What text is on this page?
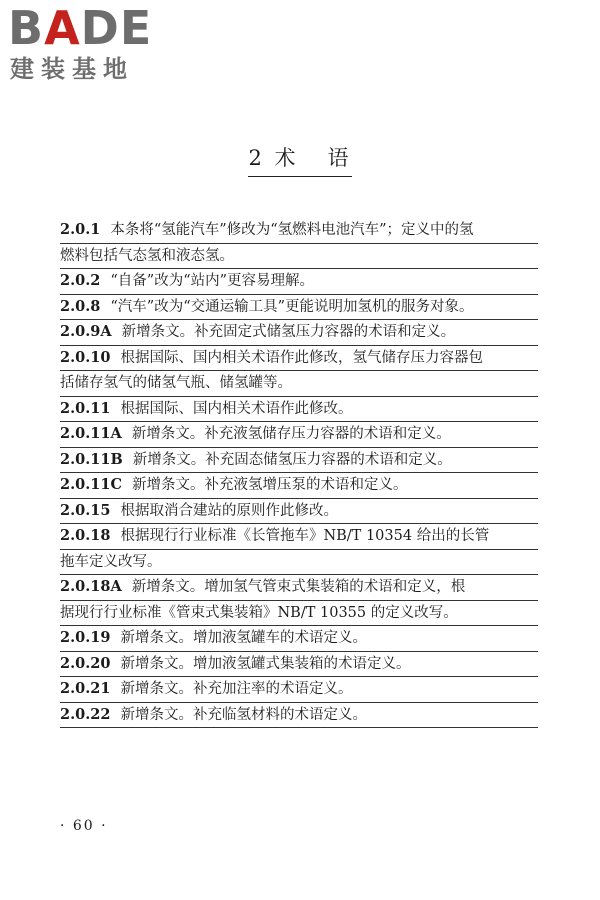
BADE
建装基地
2 术   语
2.0.1 本条将“氢能汽车”修改为“氢燃料电池汽车”；定义中的氢
燃料包括气态氢和液态氢。
2.0.2 “自备”改为“站内”更容易理解。
2.0.8 “汽车”改为“交通运输工具”更能说明加氢机的服务对象。
2.0.9A 新增条文。补充固定式储氢压力容器的术语和定义。
2.0.10 根据国际、国内相关术语作此修改，氢气储存压力容器包
括储存氢气的储氢气瓶、储氢罐等。
2.0.11 根据国际、国内相关术语作此修改。
2.0.11A 新增条文。补充液氢储存压力容器的术语和定义。
2.0.11B 新增条文。补充固态储氢压力容器的术语和定义。
2.0.11C 新增条文。补充液氢增压泵的术语和定义。
2.0.15 根据取消合建站的原则作此修改。
2.0.18 根据现行行业标准《长管拖车》NB/T 10354 给出的长管
拖车定义改写。
2.0.18A 新增条文。增加氢气管束式集装箱的术语和定义，根
据现行行业标准《管束式集装箱》NB/T 10355 的定义改写。
2.0.19 新增条文。增加液氢罐车的术语定义。
2.0.20 新增条文。增加液氢罐式集装箱的术语定义。
2.0.21 新增条文。补充加注率的术语定义。
2.0.22 新增条文。补充临氢材料的术语定义。
· 60 ·
